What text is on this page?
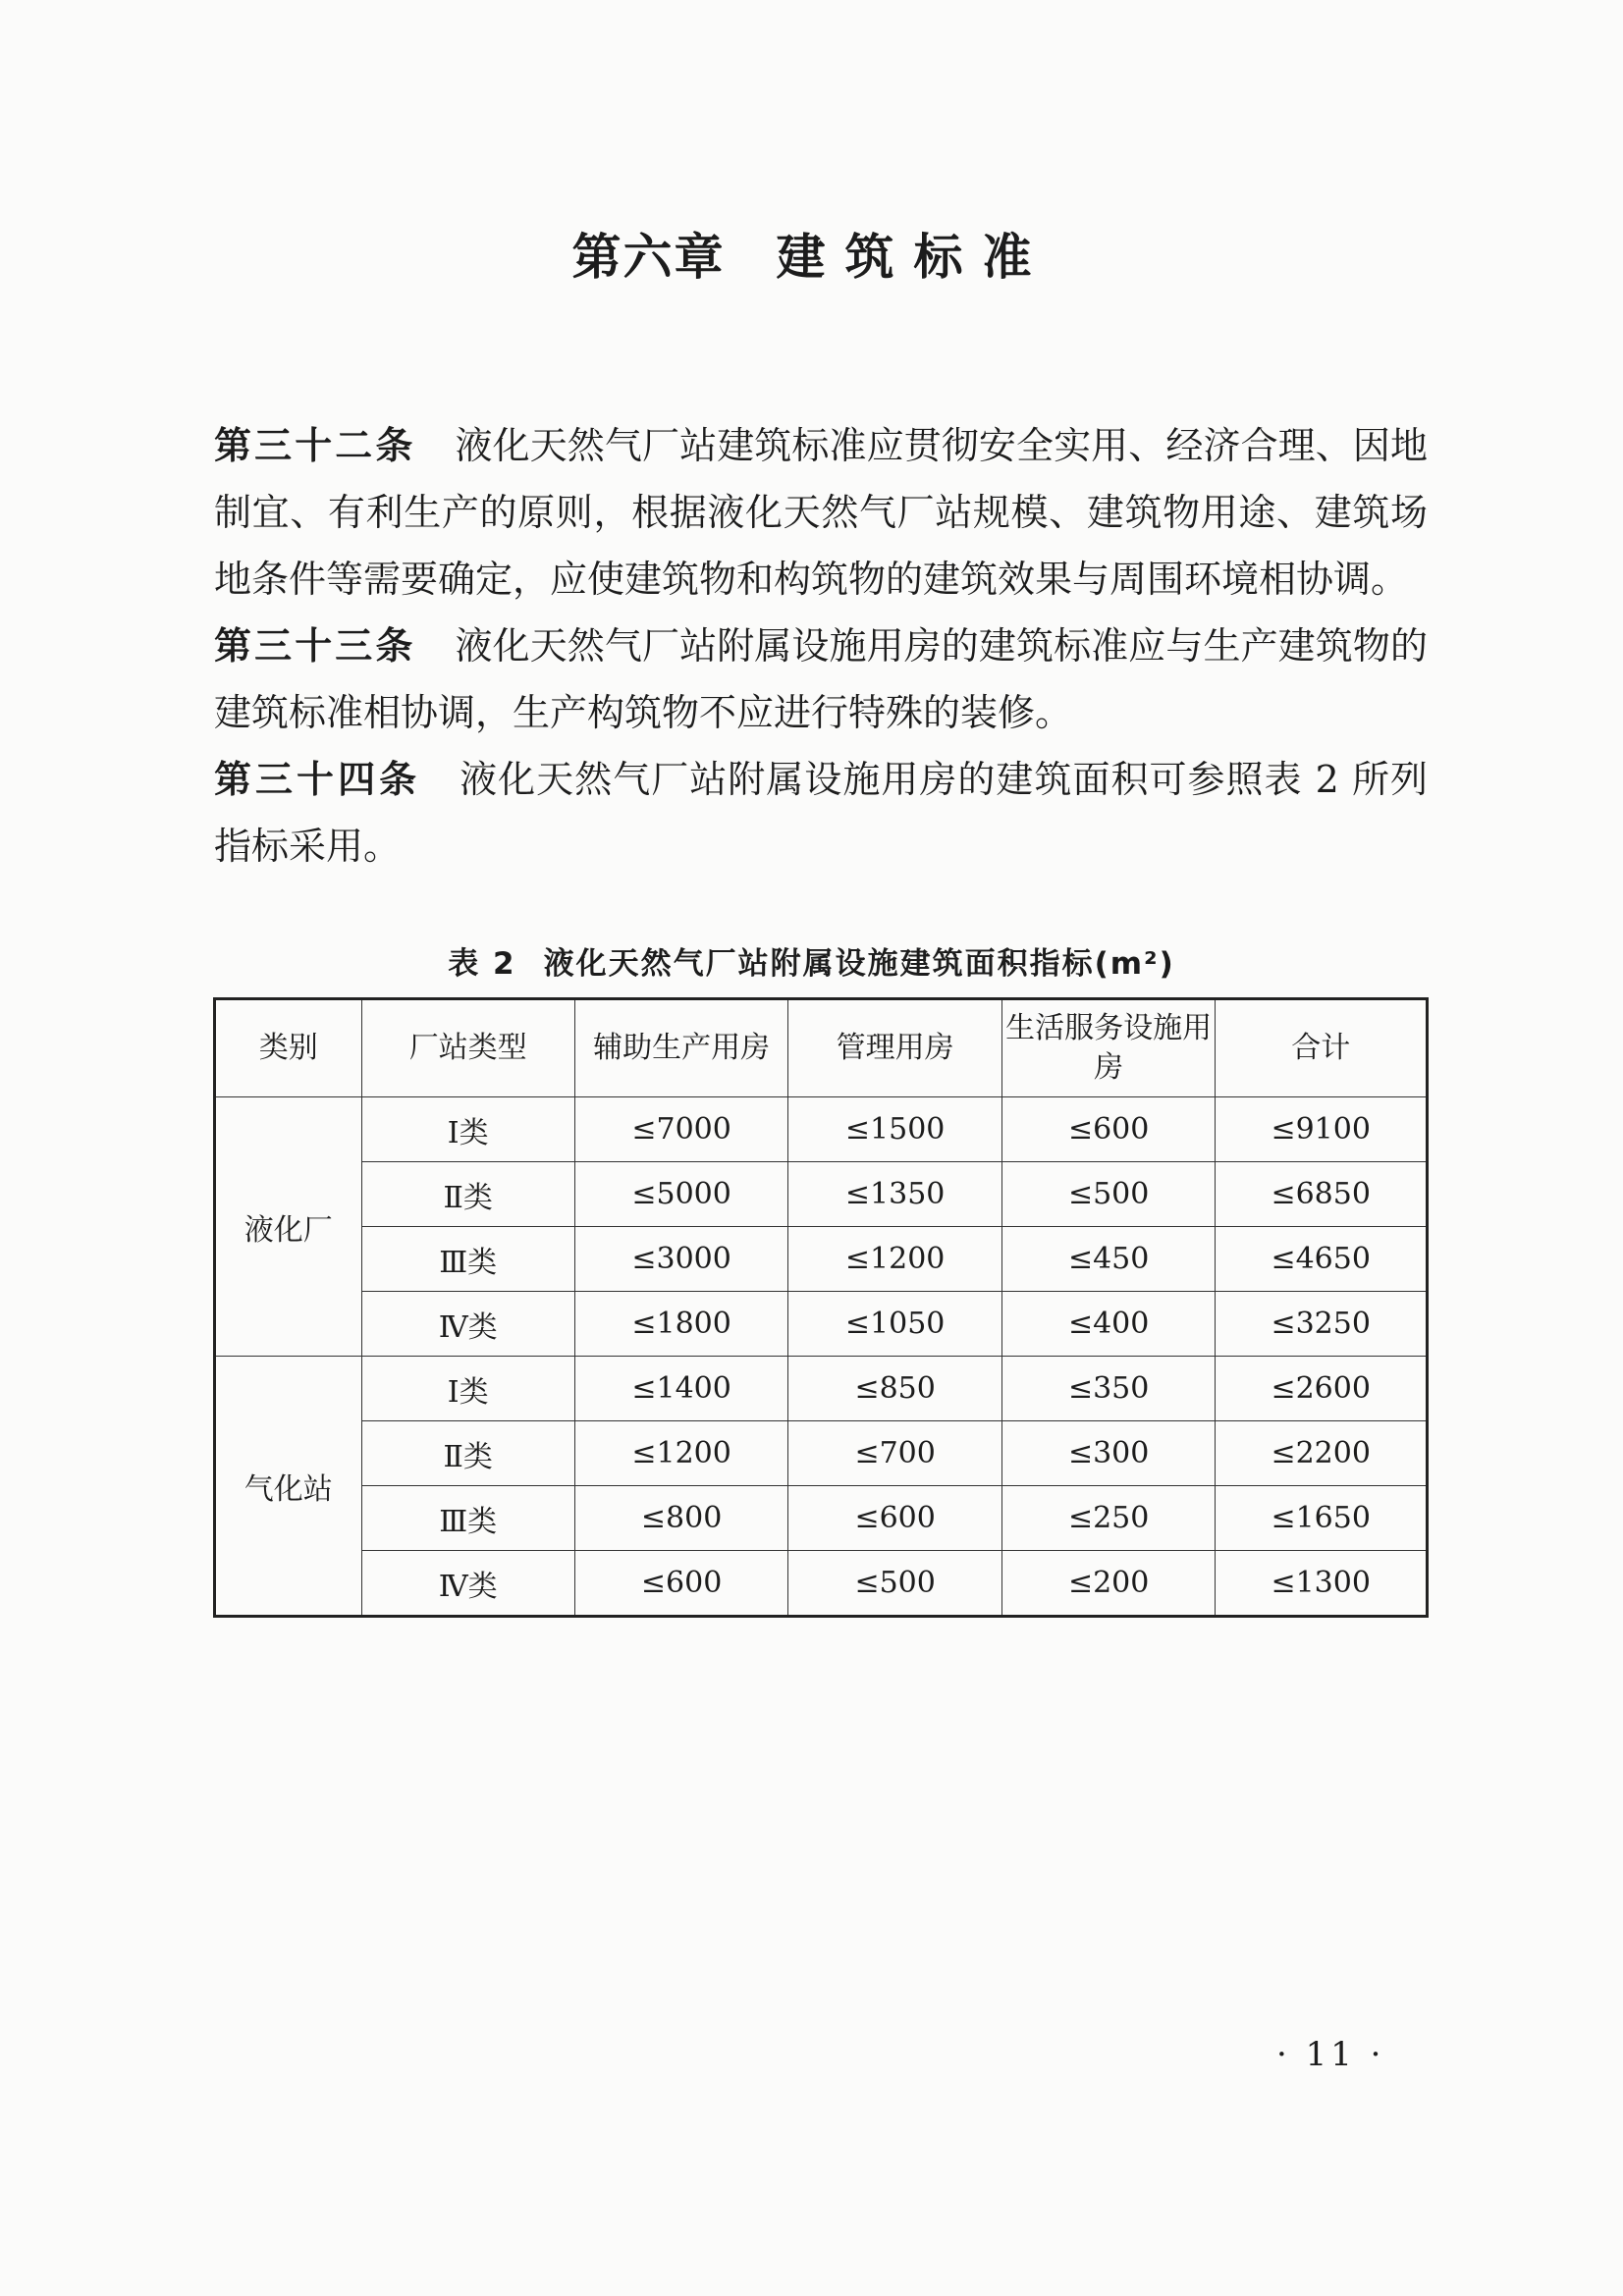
第六章 建筑标准

第三十二条 液化天然气厂站建筑标准应贯彻安全实用、经济合理、因地制宜、有利生产的原则，根据液化天然气厂站规模、建筑物用途、建筑场地条件等需要确定，应使建筑物和构筑物的建筑效果与周围环境相协调。

第三十三条 液化天然气厂站附属设施用房的建筑标准应与生产建筑物的建筑标准相协调，生产构筑物不应进行特殊的装修。

第三十四条 液化天然气厂站附属设施用房的建筑面积可参照表 2 所列指标采用。

表 2 液化天然气厂站附属设施建筑面积指标(m²)
类别	厂站类型	辅助生产用房	管理用房	生活服务设施用房	合计
液化厂	Ⅰ类	≤7000	≤1500	≤600	≤9100
	Ⅱ类	≤5000	≤1350	≤500	≤6850
	Ⅲ类	≤3000	≤1200	≤450	≤4650
	Ⅳ类	≤1800	≤1050	≤400	≤3250
气化站	Ⅰ类	≤1400	≤850	≤350	≤2600
	Ⅱ类	≤1200	≤700	≤300	≤2200
	Ⅲ类	≤800	≤600	≤250	≤1650
	Ⅳ类	≤600	≤500	≤200	≤1300
· 11 ·
